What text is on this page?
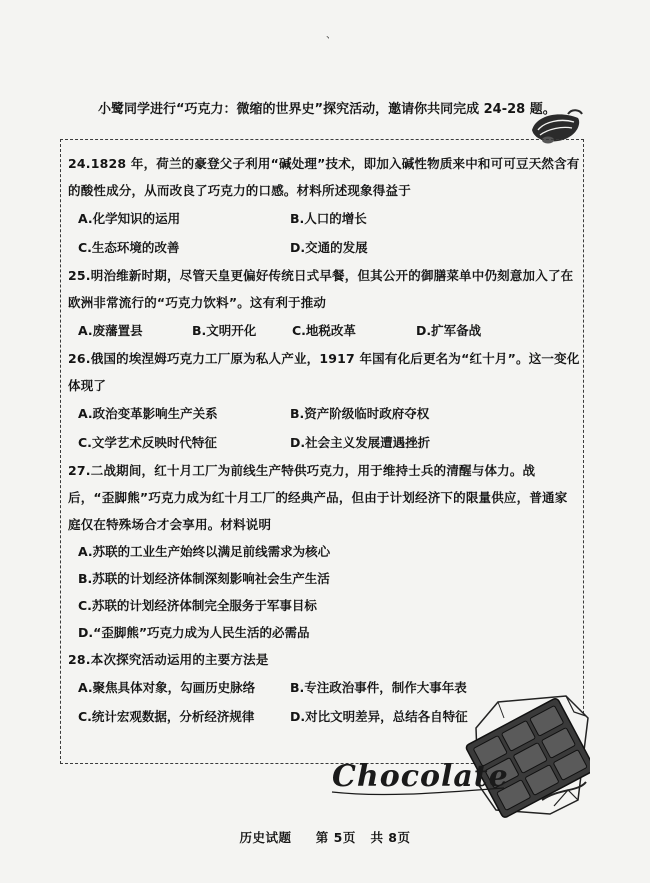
、
小鹭同学进行“巧克力：微缩的世界史”探究活动，邀请你共同完成 24-28 题。
24.1828 年，荷兰的豪登父子利用“碱处理”技术，即加入碱性物质来中和可可豆天然含有的酸性成分，从而改良了巧克力的口感。材料所述现象得益于
A.化学知识的运用	B.人口的增长
C.生态环境的改善	D.交通的发展
25.明治维新时期，尽管天皇更偏好传统日式早餐，但其公开的御膳菜单中仍刻意加入了在欧洲非常流行的“巧克力饮料”。这有利于推动
A.废藩置县	B.文明开化	C.地税改革	D.扩军备战
26.俄国的埃涅姆巧克力工厂原为私人产业，1917 年国有化后更名为“红十月”。这一变化体现了
A.政治变革影响生产关系	B.资产阶级临时政府夺权
C.文学艺术反映时代特征	D.社会主义发展遭遇挫折
27.二战期间，红十月工厂为前线生产特供巧克力，用于维持士兵的清醒与体力。战后，“歪脚熊”巧克力成为红十月工厂的经典产品，但由于计划经济下的限量供应，普通家庭仅在特殊场合才会享用。材料说明
A.苏联的工业生产始终以满足前线需求为核心
B.苏联的计划经济体制深刻影响社会生产生活
C.苏联的计划经济体制完全服务于军事目标
D.“歪脚熊”巧克力成为人民生活的必需品
28.本次探究活动运用的主要方法是
A.聚焦具体对象，勾画历史脉络	B.专注政治事件，制作大事年表
C.统计宏观数据，分析经济规律	D.对比文明差异，总结各自特征
Chocolate
历史试题 第 5页 共 8页
